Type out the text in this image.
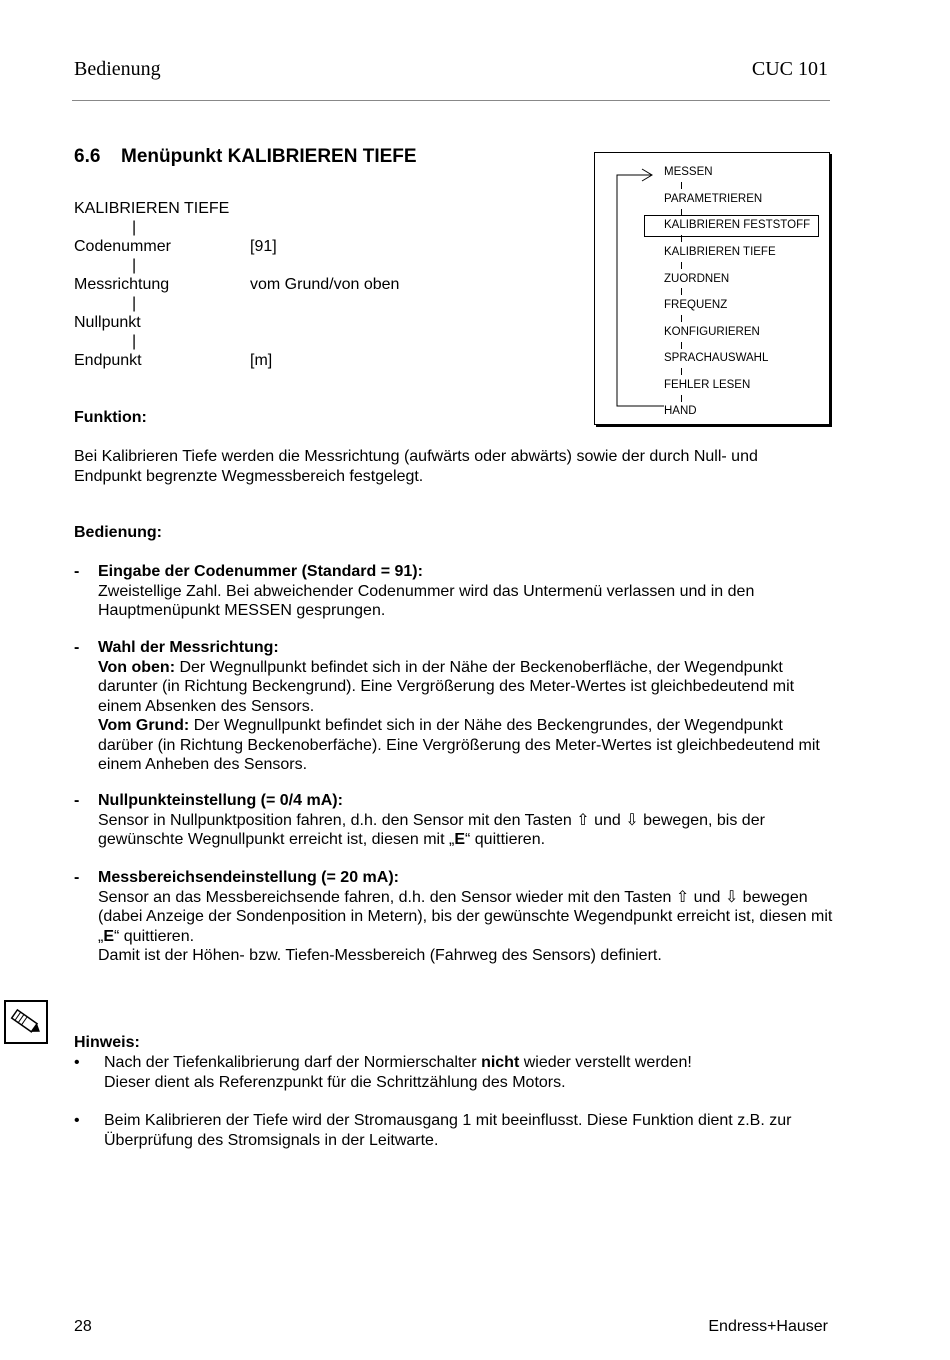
Bedienung	CUC 101
6.6 Menüpunkt KALIBRIEREN TIEFE
KALIBRIEREN TIEFE
|
Codenummer	[91]
|
Messrichtung	vom Grund/von oben
|
Nullpunkt
|
Endpunkt	[m]
MESSEN
PARAMETRIEREN
KALIBRIEREN FESTSTOFF
KALIBRIEREN TIEFE
ZUORDNEN
FREQUENZ
KONFIGURIEREN
SPRACHAUSWAHL
FEHLER LESEN
HAND
Funktion:
Bei Kalibrieren Tiefe werden die Messrichtung (aufwärts oder abwärts) sowie der durch Null- und Endpunkt begrenzte Wegmessbereich festgelegt.
Bedienung:
- Eingabe der Codenummer (Standard = 91):
Zweistellige Zahl. Bei abweichender Codenummer wird das Untermenü verlassen und in den Hauptmenüpunkt MESSEN gesprungen.
- Wahl der Messrichtung:
Von oben: Der Wegnullpunkt befindet sich in der Nähe der Beckenoberfläche, der Wegendpunkt darunter (in Richtung Beckengrund). Eine Vergrößerung des Meter-Wertes ist gleichbedeutend mit einem Absenken des Sensors.
Vom Grund: Der Wegnullpunkt befindet sich in der Nähe des Beckengrundes, der Wegendpunkt darüber (in Richtung Beckenoberfäche). Eine Vergrößerung des Meter-Wertes ist gleichbedeutend mit einem Anheben des Sensors.
- Nullpunkteinstellung (= 0/4 mA):
Sensor in Nullpunktposition fahren, d.h. den Sensor mit den Tasten ⇧ und ⇩ bewegen, bis der gewünschte Wegnullpunkt erreicht ist, diesen mit „E“ quittieren.
- Messbereichsendeinstellung (= 20 mA):
Sensor an das Messbereichsende fahren, d.h. den Sensor wieder mit den Tasten ⇧ und ⇩ bewegen (dabei Anzeige der Sondenposition in Metern), bis der gewünschte Wegendpunkt erreicht ist, diesen mit „E“ quittieren.
Damit ist der Höhen- bzw. Tiefen-Messbereich (Fahrweg des Sensors) definiert.
Hinweis:
• Nach der Tiefenkalibrierung darf der Normierschalter nicht wieder verstellt werden!
Dieser dient als Referenzpunkt für die Schrittzählung des Motors.
• Beim Kalibrieren der Tiefe wird der Stromausgang 1 mit beeinflusst. Diese Funktion dient z.B. zur Überprüfung des Stromsignals in der Leitwarte.
28	Endress+Hauser
